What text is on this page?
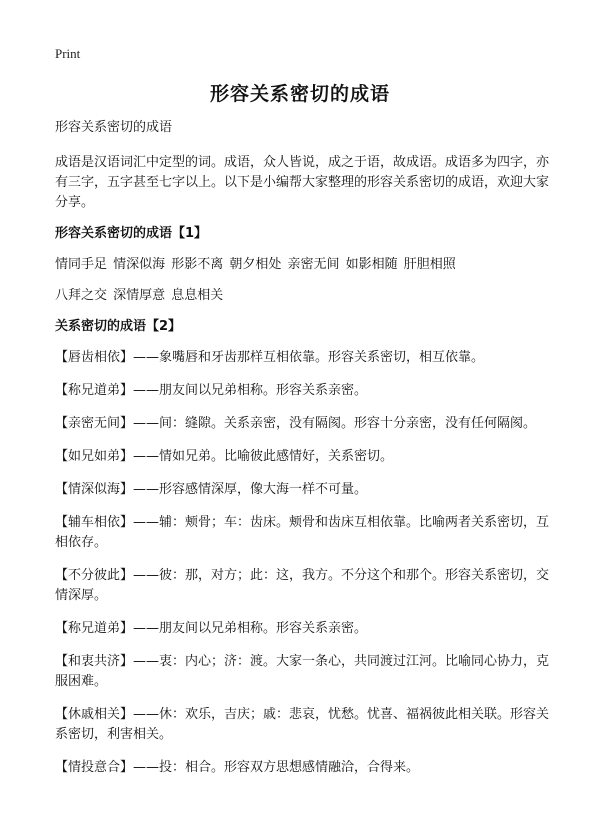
Print
形容关系密切的成语
形容关系密切的成语
成语是汉语词汇中定型的词。成语，众人皆说，成之于语，故成语。成语多为四字，亦有三字，五字甚至七字以上。以下是小编帮大家整理的形容关系密切的成语，欢迎大家分享。
形容关系密切的成语【1】
情同手足 情深似海 形影不离 朝夕相处 亲密无间 如影相随 肝胆相照
八拜之交 深情厚意 息息相关
关系密切的成语【2】
【唇齿相依】——象嘴唇和牙齿那样互相依靠。形容关系密切，相互依靠。
【称兄道弟】——朋友间以兄弟相称。形容关系亲密。
【亲密无间】——间：缝隙。关系亲密，没有隔阂。形容十分亲密，没有任何隔阂。
【如兄如弟】——情如兄弟。比喻彼此感情好，关系密切。
【情深似海】——形容感情深厚，像大海一样不可量。
【辅车相依】——辅：颊骨；车：齿床。颊骨和齿床互相依靠。比喻两者关系密切，互相依存。
【不分彼此】——彼：那，对方；此：这，我方。不分这个和那个。形容关系密切，交情深厚。
【称兄道弟】——朋友间以兄弟相称。形容关系亲密。
【和衷共济】——衷：内心；济：渡。大家一条心，共同渡过江河。比喻同心协力，克服困难。
【休戚相关】——休：欢乐，吉庆；戚：悲哀，忧愁。忧喜、福祸彼此相关联。形容关系密切，利害相关。
【情投意合】——投：相合。形容双方思想感情融洽，合得来。
